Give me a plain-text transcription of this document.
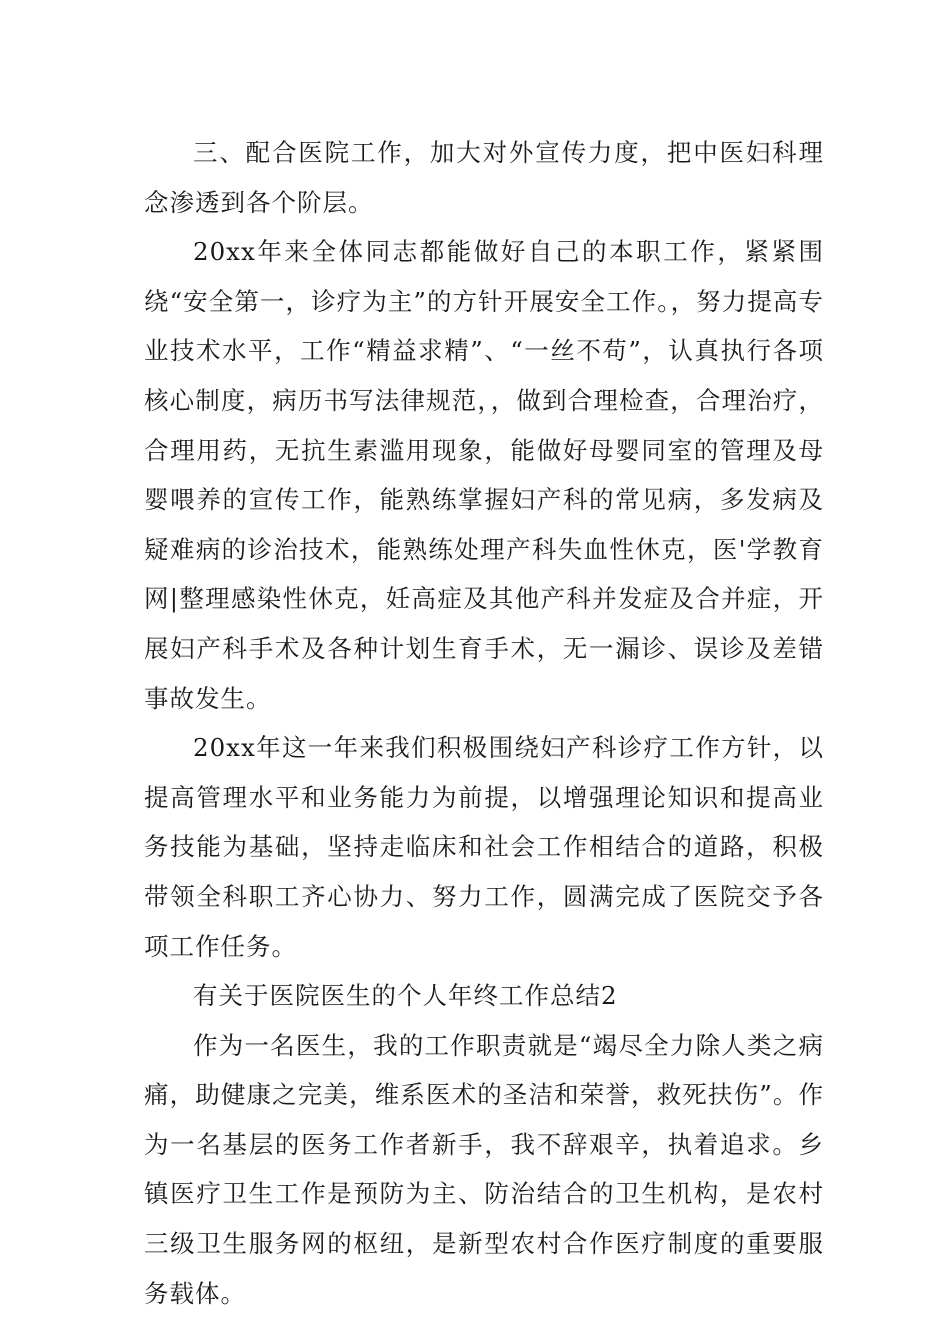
三、配合医院工作，加大对外宣传力度，把中医妇科理念渗透到各个阶层。

20xx年来全体同志都能做好自己的本职工作，紧紧围绕“安全第一，诊疗为主”的方针开展安全工作。，努力提高专业技术水平，工作“精益求精”、“一丝不苟”，认真执行各项核心制度，病历书写法律规范，，做到合理检查，合理治疗，合理用药，无抗生素滥用现象，能做好母婴同室的管理及母婴喂养的宣传工作，能熟练掌握妇产科的常见病，多发病及疑难病的诊治技术，能熟练处理产科失血性休克，医'学教育网|整理感染性休克，妊高症及其他产科并发症及合并症，开展妇产科手术及各种计划生育手术，无一漏诊、误诊及差错事故发生。

20xx年这一年来我们积极围绕妇产科诊疗工作方针，以提高管理水平和业务能力为前提，以增强理论知识和提高业务技能为基础，坚持走临床和社会工作相结合的道路，积极带领全科职工齐心协力、努力工作，圆满完成了医院交予各项工作任务。

有关于医院医生的个人年终工作总结2

作为一名医生，我的工作职责就是“竭尽全力除人类之病痛，助健康之完美，维系医术的圣洁和荣誉，救死扶伤”。作为一名基层的医务工作者新手，我不辞艰辛，执着追求。乡镇医疗卫生工作是预防为主、防治结合的卫生机构，是农村三级卫生服务网的枢纽，是新型农村合作医疗制度的重要服务载体。
